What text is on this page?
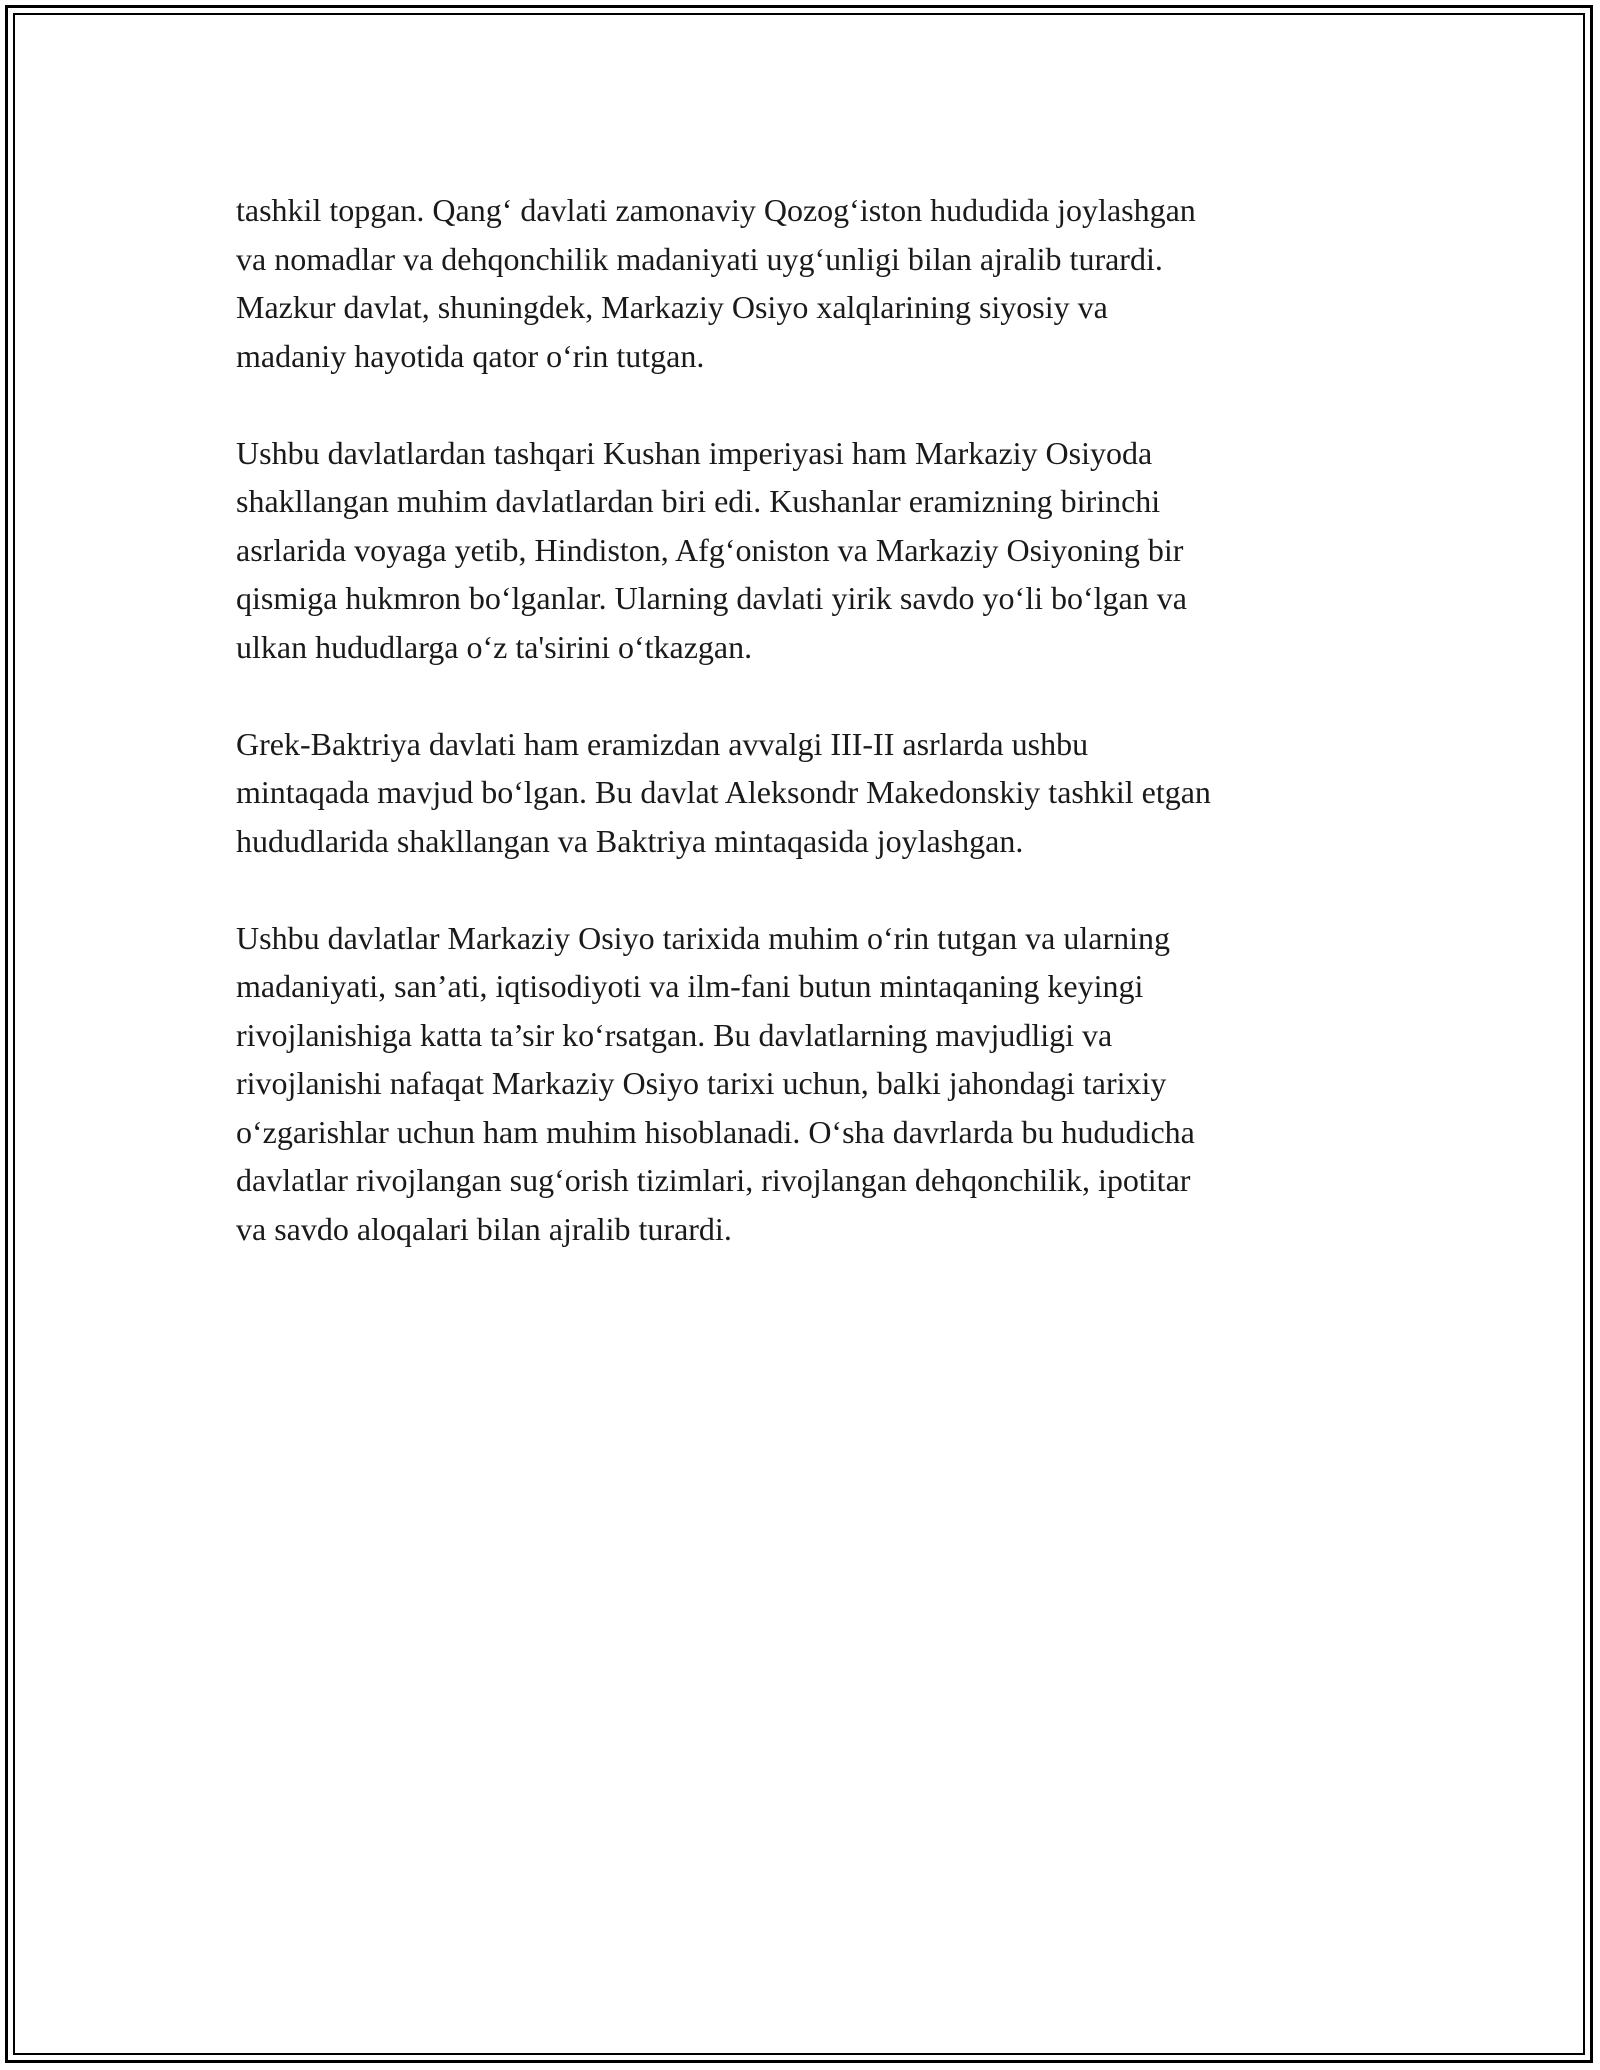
tashkil topgan. Qang‘ davlati zamonaviy Qozog‘iston hududida joylashgan
va nomadlar va dehqonchilik madaniyati uyg‘unligi bilan ajralib turardi.
Mazkur davlat, shuningdek, Markaziy Osiyo xalqlarining siyosiy va
madaniy hayotida qator o‘rin tutgan.

Ushbu davlatlardan tashqari Kushan imperiyasi ham Markaziy Osiyoda
shakllangan muhim davlatlardan biri edi. Kushanlar eramizning birinchi
asrlarida voyaga yetib, Hindiston, Afg‘oniston va Markaziy Osiyoning bir
qismiga hukmron bo‘lganlar. Ularning davlati yirik savdo yo‘li bo‘lgan va
ulkan hududlarga o‘z ta'sirini o‘tkazgan.

Grek-Baktriya davlati ham eramizdan avvalgi III-II asrlarda ushbu
mintaqada mavjud bo‘lgan. Bu davlat Aleksondr Makedonskiy tashkil etgan
hududlarida shakllangan va Baktriya mintaqasida joylashgan.

Ushbu davlatlar Markaziy Osiyo tarixida muhim o‘rin tutgan va ularning
madaniyati, san’ati, iqtisodiyoti va ilm-fani butun mintaqaning keyingi
rivojlanishiga katta ta’sir ko‘rsatgan. Bu davlatlarning mavjudligi va
rivojlanishi nafaqat Markaziy Osiyo tarixi uchun, balki jahondagi tarixiy
o‘zgarishlar uchun ham muhim hisoblanadi. O‘sha davrlarda bu hududicha
davlatlar rivojlangan sug‘orish tizimlari, rivojlangan dehqonchilik, ipotitar
va savdo aloqalari bilan ajralib turardi.
